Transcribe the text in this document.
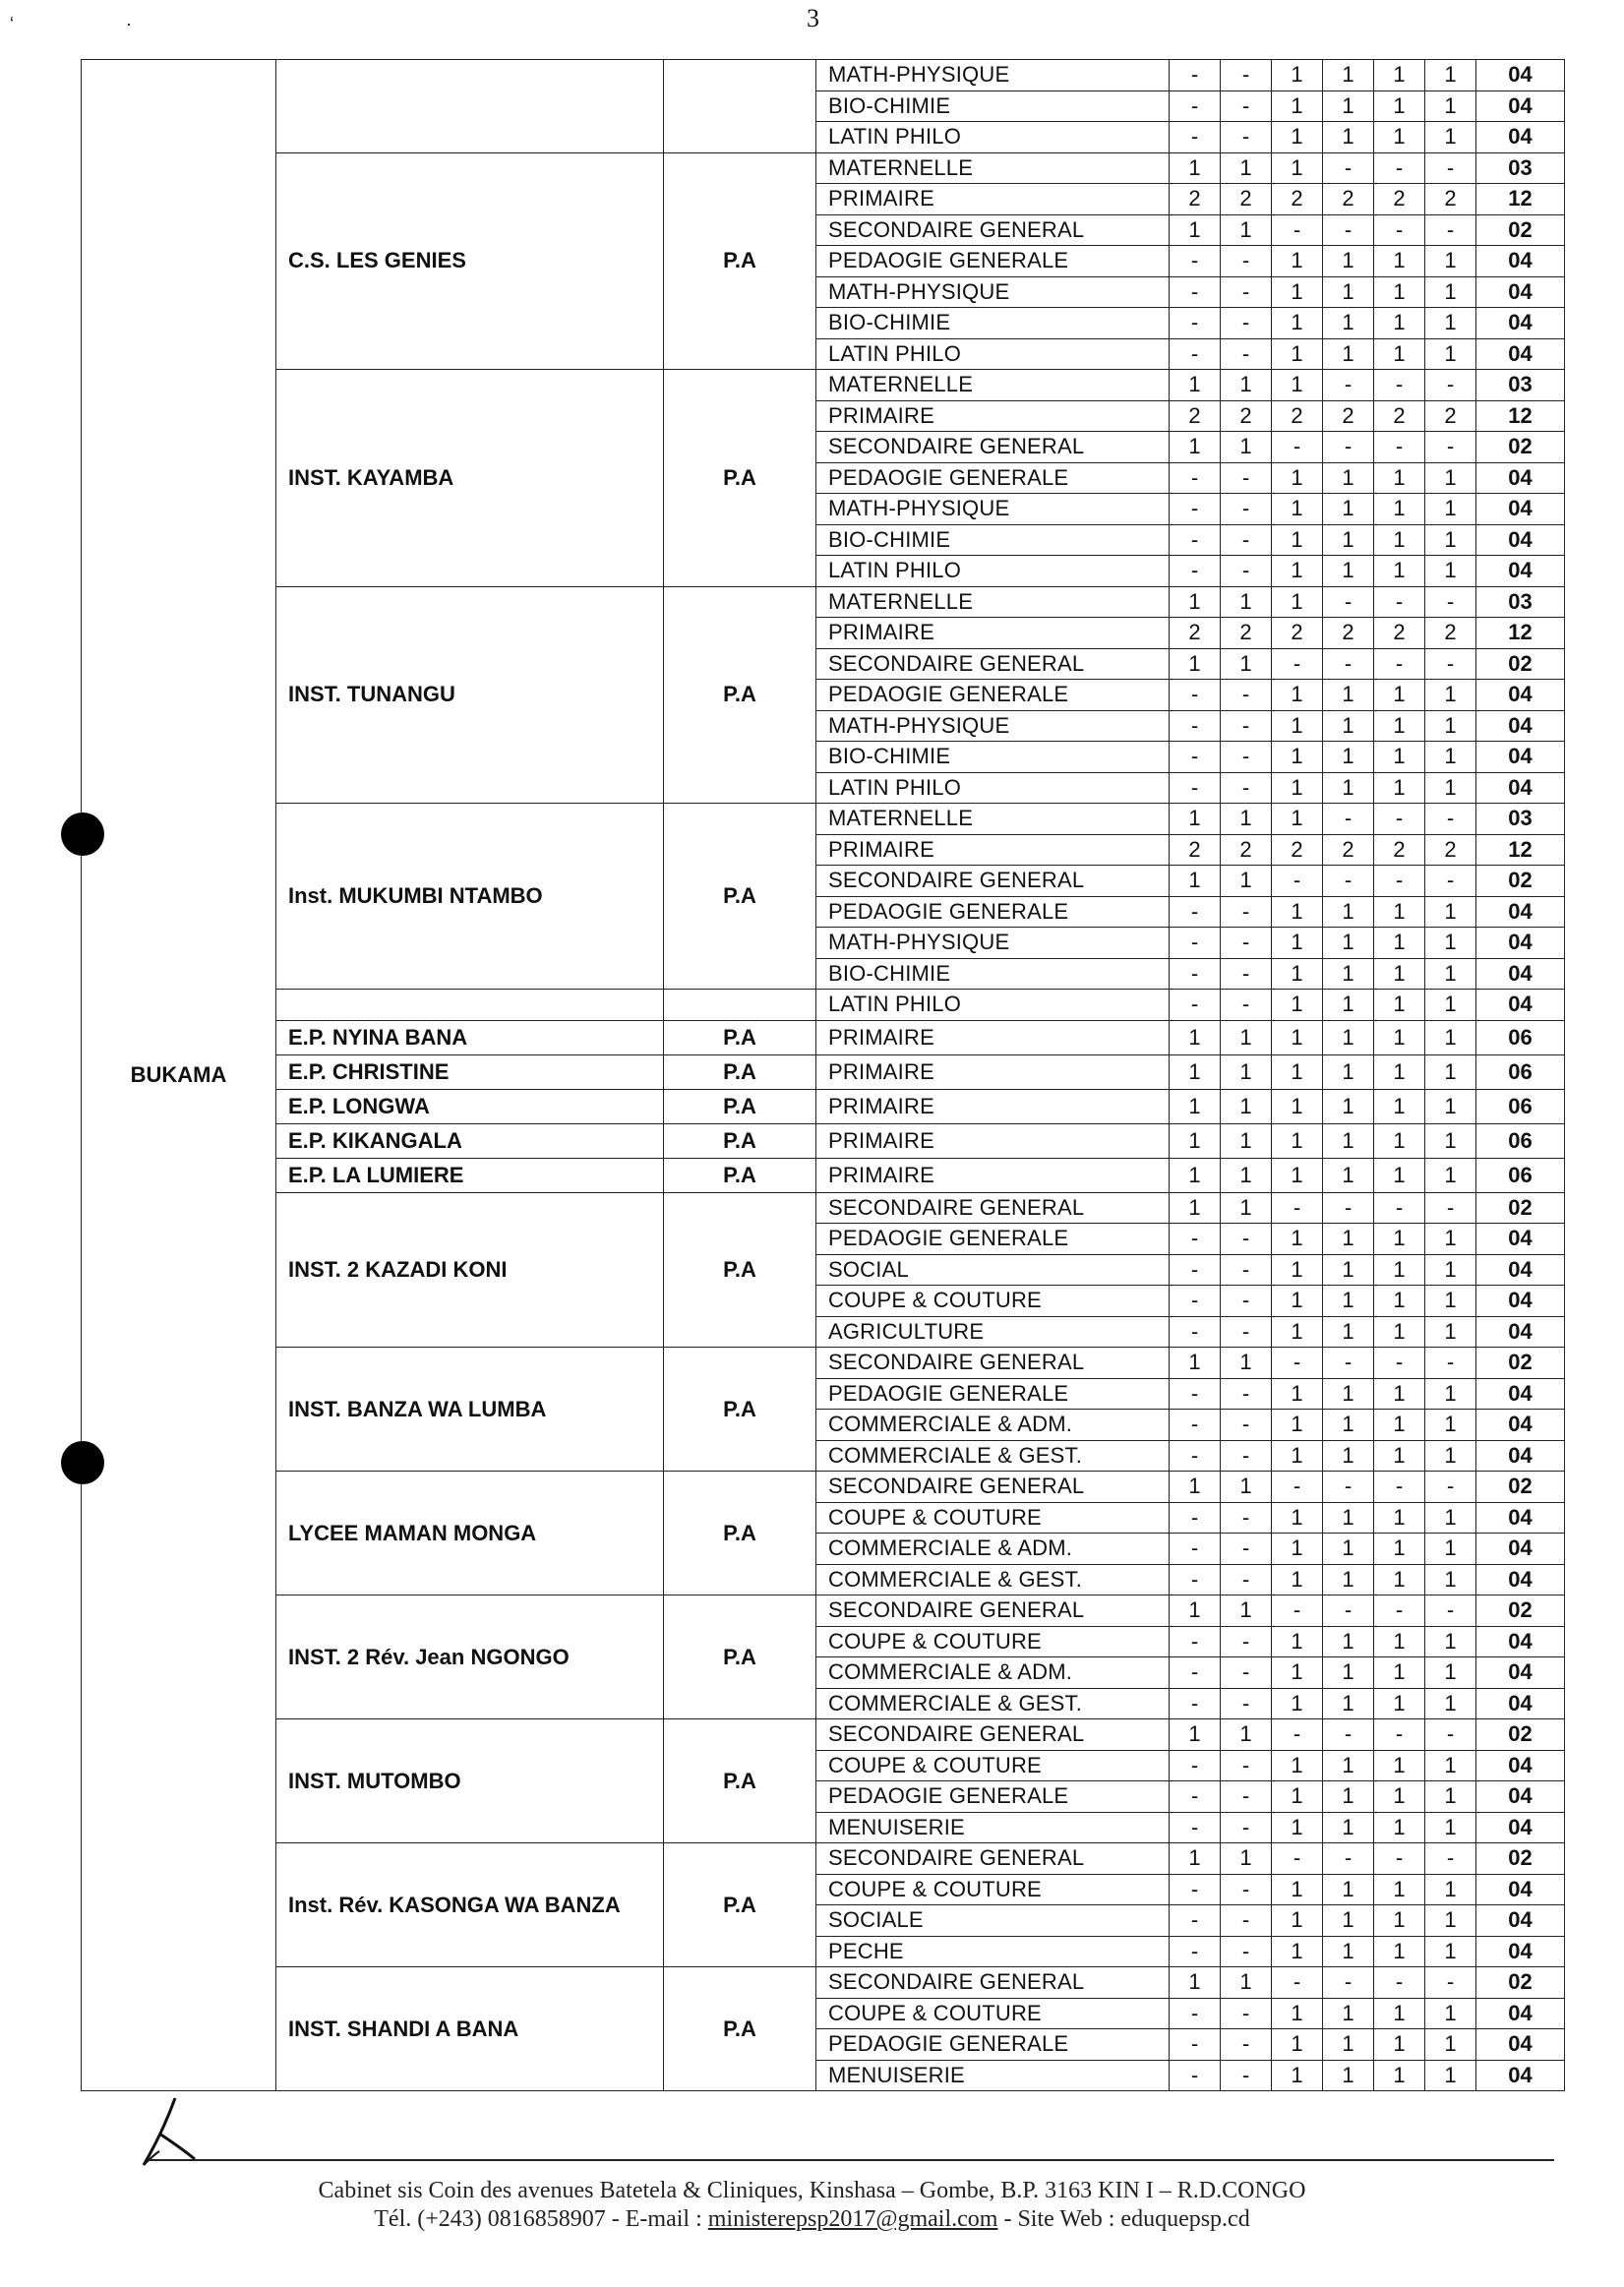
‘	·	3
BUKAMA			MATH-PHYSIQUE	-	-	1	1	1	1	04
			BIO-CHIMIE	-	-	1	1	1	1	04
			LATIN PHILO	-	-	1	1	1	1	04
	C.S. LES GENIES	P.A	MATERNELLE	1	1	1	-	-	-	03
			PRIMAIRE	2	2	2	2	2	2	12
			SECONDAIRE GENERAL	1	1	-	-	-	-	02
			PEDAOGIE GENERALE	-	-	1	1	1	1	04
			MATH-PHYSIQUE	-	-	1	1	1	1	04
			BIO-CHIMIE	-	-	1	1	1	1	04
			LATIN PHILO	-	-	1	1	1	1	04
	INST. KAYAMBA	P.A	MATERNELLE	1	1	1	-	-	-	03
			PRIMAIRE	2	2	2	2	2	2	12
			SECONDAIRE GENERAL	1	1	-	-	-	-	02
			PEDAOGIE GENERALE	-	-	1	1	1	1	04
			MATH-PHYSIQUE	-	-	1	1	1	1	04
			BIO-CHIMIE	-	-	1	1	1	1	04
			LATIN PHILO	-	-	1	1	1	1	04
	INST. TUNANGU	P.A	MATERNELLE	1	1	1	-	-	-	03
			PRIMAIRE	2	2	2	2	2	2	12
			SECONDAIRE GENERAL	1	1	-	-	-	-	02
			PEDAOGIE GENERALE	-	-	1	1	1	1	04
			MATH-PHYSIQUE	-	-	1	1	1	1	04
			BIO-CHIMIE	-	-	1	1	1	1	04
			LATIN PHILO	-	-	1	1	1	1	04
	Inst. MUKUMBI NTAMBO	P.A	MATERNELLE	1	1	1	-	-	-	03
			PRIMAIRE	2	2	2	2	2	2	12
			SECONDAIRE GENERAL	1	1	-	-	-	-	02
			PEDAOGIE GENERALE	-	-	1	1	1	1	04
			MATH-PHYSIQUE	-	-	1	1	1	1	04
			BIO-CHIMIE	-	-	1	1	1	1	04
			LATIN PHILO	-	-	1	1	1	1	04
	E.P. NYINA BANA	P.A	PRIMAIRE	1	1	1	1	1	1	06
	E.P. CHRISTINE	P.A	PRIMAIRE	1	1	1	1	1	1	06
	E.P. LONGWA	P.A	PRIMAIRE	1	1	1	1	1	1	06
	E.P. KIKANGALA	P.A	PRIMAIRE	1	1	1	1	1	1	06
	E.P. LA LUMIERE	P.A	PRIMAIRE	1	1	1	1	1	1	06
	INST. 2 KAZADI KONI	P.A	SECONDAIRE GENERAL	1	1	-	-	-	-	02
			PEDAOGIE GENERALE	-	-	1	1	1	1	04
			SOCIAL	-	-	1	1	1	1	04
			COUPE & COUTURE	-	-	1	1	1	1	04
			AGRICULTURE	-	-	1	1	1	1	04
	INST. BANZA WA LUMBA	P.A	SECONDAIRE GENERAL	1	1	-	-	-	-	02
			PEDAOGIE GENERALE	-	-	1	1	1	1	04
			COMMERCIALE & ADM.	-	-	1	1	1	1	04
			COMMERCIALE & GEST.	-	-	1	1	1	1	04
	LYCEE MAMAN MONGA	P.A	SECONDAIRE GENERAL	1	1	-	-	-	-	02
			COUPE & COUTURE	-	-	1	1	1	1	04
			COMMERCIALE & ADM.	-	-	1	1	1	1	04
			COMMERCIALE & GEST.	-	-	1	1	1	1	04
	INST. 2 Rév. Jean NGONGO	P.A	SECONDAIRE GENERAL	1	1	-	-	-	-	02
			COUPE & COUTURE	-	-	1	1	1	1	04
			COMMERCIALE & ADM.	-	-	1	1	1	1	04
			COMMERCIALE & GEST.	-	-	1	1	1	1	04
	INST. MUTOMBO	P.A	SECONDAIRE GENERAL	1	1	-	-	-	-	02
			COUPE & COUTURE	-	-	1	1	1	1	04
			PEDAOGIE GENERALE	-	-	1	1	1	1	04
			MENUISERIE	-	-	1	1	1	1	04
	Inst. Rév. KASONGA WA BANZA	P.A	SECONDAIRE GENERAL	1	1	-	-	-	-	02
			COUPE & COUTURE	-	-	1	1	1	1	04
			SOCIALE	-	-	1	1	1	1	04
			PECHE	-	-	1	1	1	1	04
	INST. SHANDI A BANA	P.A	SECONDAIRE GENERAL	1	1	-	-	-	-	02
			COUPE & COUTURE	-	-	1	1	1	1	04
			PEDAOGIE GENERALE	-	-	1	1	1	1	04
			MENUISERIE	-	-	1	1	1	1	04
Cabinet sis Coin des avenues Batetela & Cliniques, Kinshasa – Gombe, B.P. 3163 KIN I – R.D.CONGO
Tél. (+243) 0816858907 - E-mail : ministerepsp2017@gmail.com - Site Web : eduquepsp.cd
